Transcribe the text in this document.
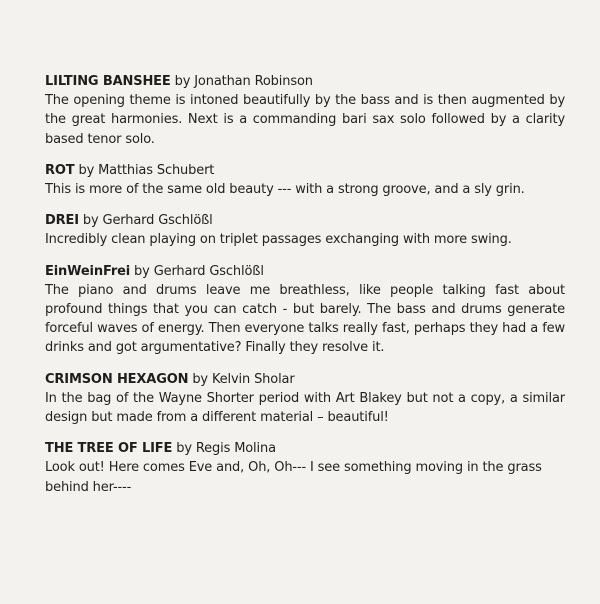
LILTING BANSHEE by Jonathan Robinson

The opening theme is intoned beautifully by the bass and is then augmented by the great harmonies. Next is a commanding bari sax solo followed by a clarity based tenor solo.

ROT by Matthias Schubert

This is more of the same old beauty --- with a strong groove, and a sly grin.

DREI by Gerhard Gschlößl

Incredibly clean playing on triplet passages exchanging with more swing.

EinWeinFrei by Gerhard Gschlößl

The piano and drums leave me breathless, like people talking fast about profound things that you can catch - but barely. The bass and drums generate forceful waves of energy. Then everyone talks really fast, perhaps they had a few drinks and got argumentative? Finally they resolve it.

CRIMSON HEXAGON by Kelvin Sholar

In the bag of the Wayne Shorter period with Art Blakey but not a copy, a similar design but made from a different material – beautiful!

THE TREE OF LIFE by Regis Molina

Look out! Here comes Eve and, Oh, Oh--- I see something moving in the grass behind her----
